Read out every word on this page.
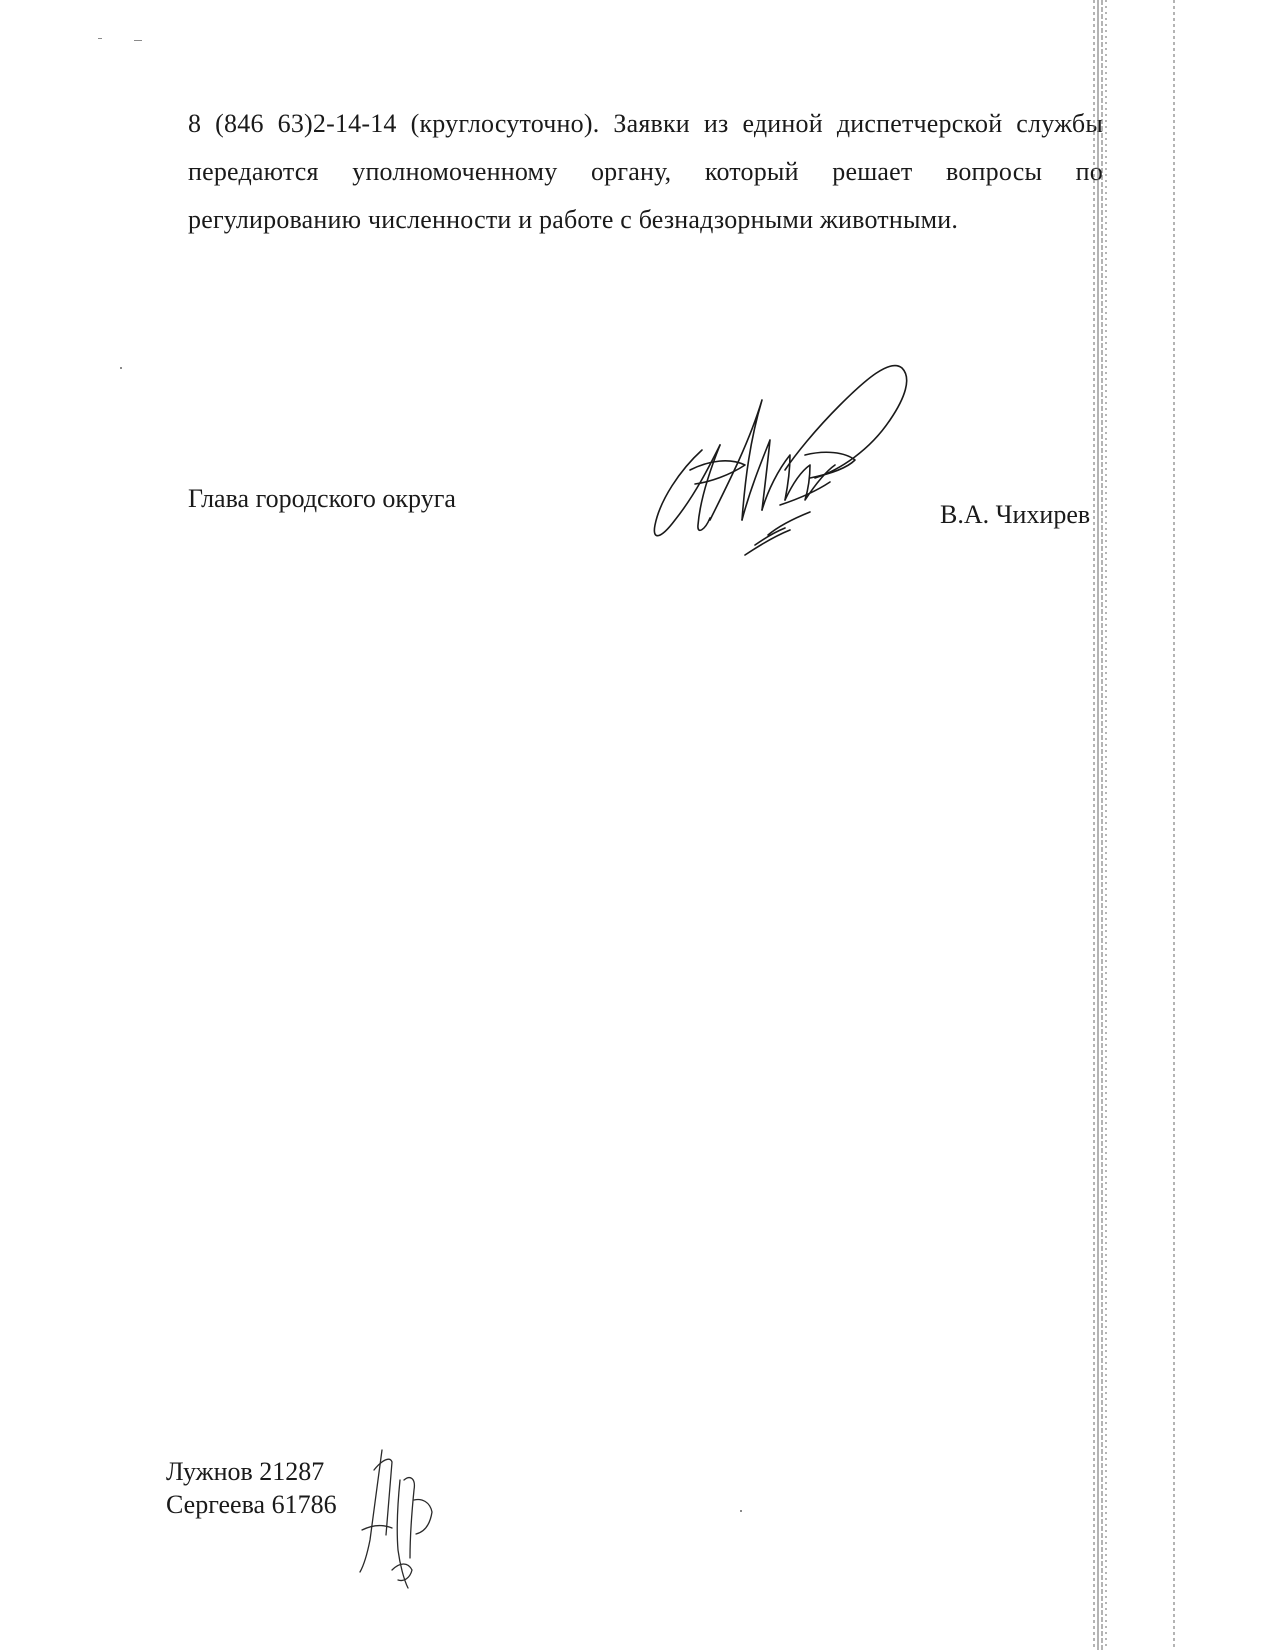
8 (846 63)2-14-14 (круглосуточно). Заявки из единой диспетчерской службы
передаются уполномоченному органу, который решает вопросы по
регулированию численности и работе с безнадзорными животными.
Глава городского округа
В.А. Чихирев
Лужнов 21287
Сергеева 61786
